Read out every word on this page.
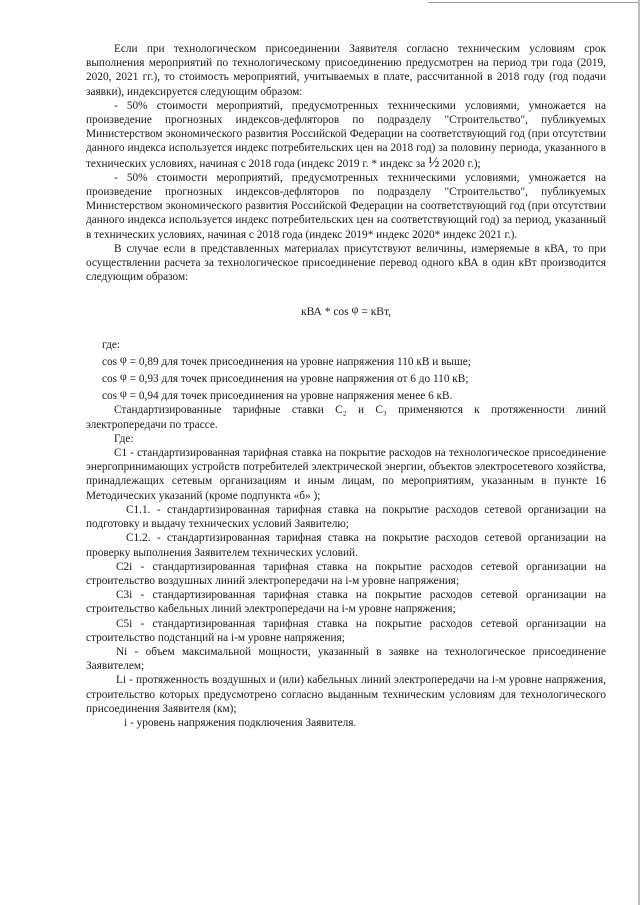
Если при технологическом присоединении Заявителя согласно техническим условиям срок выполнения мероприятий по технологическому присоединению предусмотрен на период три года (2019, 2020, 2021 гг.), то стоимость мероприятий, учитываемых в плате, рассчитанной в 2018 году (год подачи заявки), индексируется следующим образом:

- 50% стоимости мероприятий, предусмотренных техническими условиями, умножается на произведение прогнозных индексов-дефляторов по подразделу "Строительство", публикуемых Министерством экономического развития Российской Федерации на соответствующий год (при отсутствии данного индекса используется индекс потребительских цен на 2018 год) за половину периода, указанного в технических условиях, начиная с 2018 года (индекс 2019 г. * индекс за ½ 2020 г.);

- 50% стоимости мероприятий, предусмотренных техническими условиями, умножается на произведение прогнозных индексов-дефляторов по подразделу "Строительство", публикуемых Министерством экономического развития Российской Федерации на соответствующий год (при отсутствии данного индекса используется индекс потребительских цен на соответствующий год) за период, указанный в технических условиях, начиная с 2018 года (индекс 2019* индекс 2020* индекс 2021 г.).

В случае если в представленных материалах присутствуют величины, измеряемые в кВА, то при осуществлении расчета за технологическое присоединение перевод одного кВА в один кВт производится следующим образом:

кВА * cos φ = кВт,

где:

cos φ = 0,89 для точек присоединения на уровне напряжения 110 кВ и выше;

cos φ = 0,93 для точек присоединения на уровне напряжения от 6 до 110 кВ;

cos φ = 0,94 для точек присоединения на уровне напряжения менее 6 кВ.

Стандартизированные тарифные ставки C₂ и C₃ применяются к протяженности линий электропередачи по трассе.

Где:

С1 - стандартизированная тарифная ставка на покрытие расходов на технологическое присоединение энергопринимающих устройств потребителей электрической энергии, объектов электросетевого хозяйства, принадлежащих сетевым организациям и иным лицам, по мероприятиям, указанным в пункте 16 Методических указаний (кроме подпункта «б» );

С1.1. - стандартизированная тарифная ставка на покрытие расходов сетевой организации на подготовку и выдачу технических условий Заявителю;

С1.2. - стандартизированная тарифная ставка на покрытие расходов сетевой организации на проверку выполнения Заявителем технических условий.

C2i - стандартизированная тарифная ставка на покрытие расходов сетевой организации на строительство воздушных линий электропередачи на i-м уровне напряжения;

C3i - стандартизированная тарифная ставка на покрытие расходов сетевой организации на строительство кабельных линий электропередачи на i-м уровне напряжения;

C5i - стандартизированная тарифная ставка на покрытие расходов сетевой организации на строительство подстанций на i-м уровне напряжения;

Ni - объем максимальной мощности, указанный в заявке на технологическое присоединение Заявителем;

Li - протяженность воздушных и (или) кабельных линий электропередачи на i-м уровне напряжения, строительство которых предусмотрено согласно выданным техническим условиям для технологического присоединения Заявителя (км);

i - уровень напряжения подключения Заявителя.
